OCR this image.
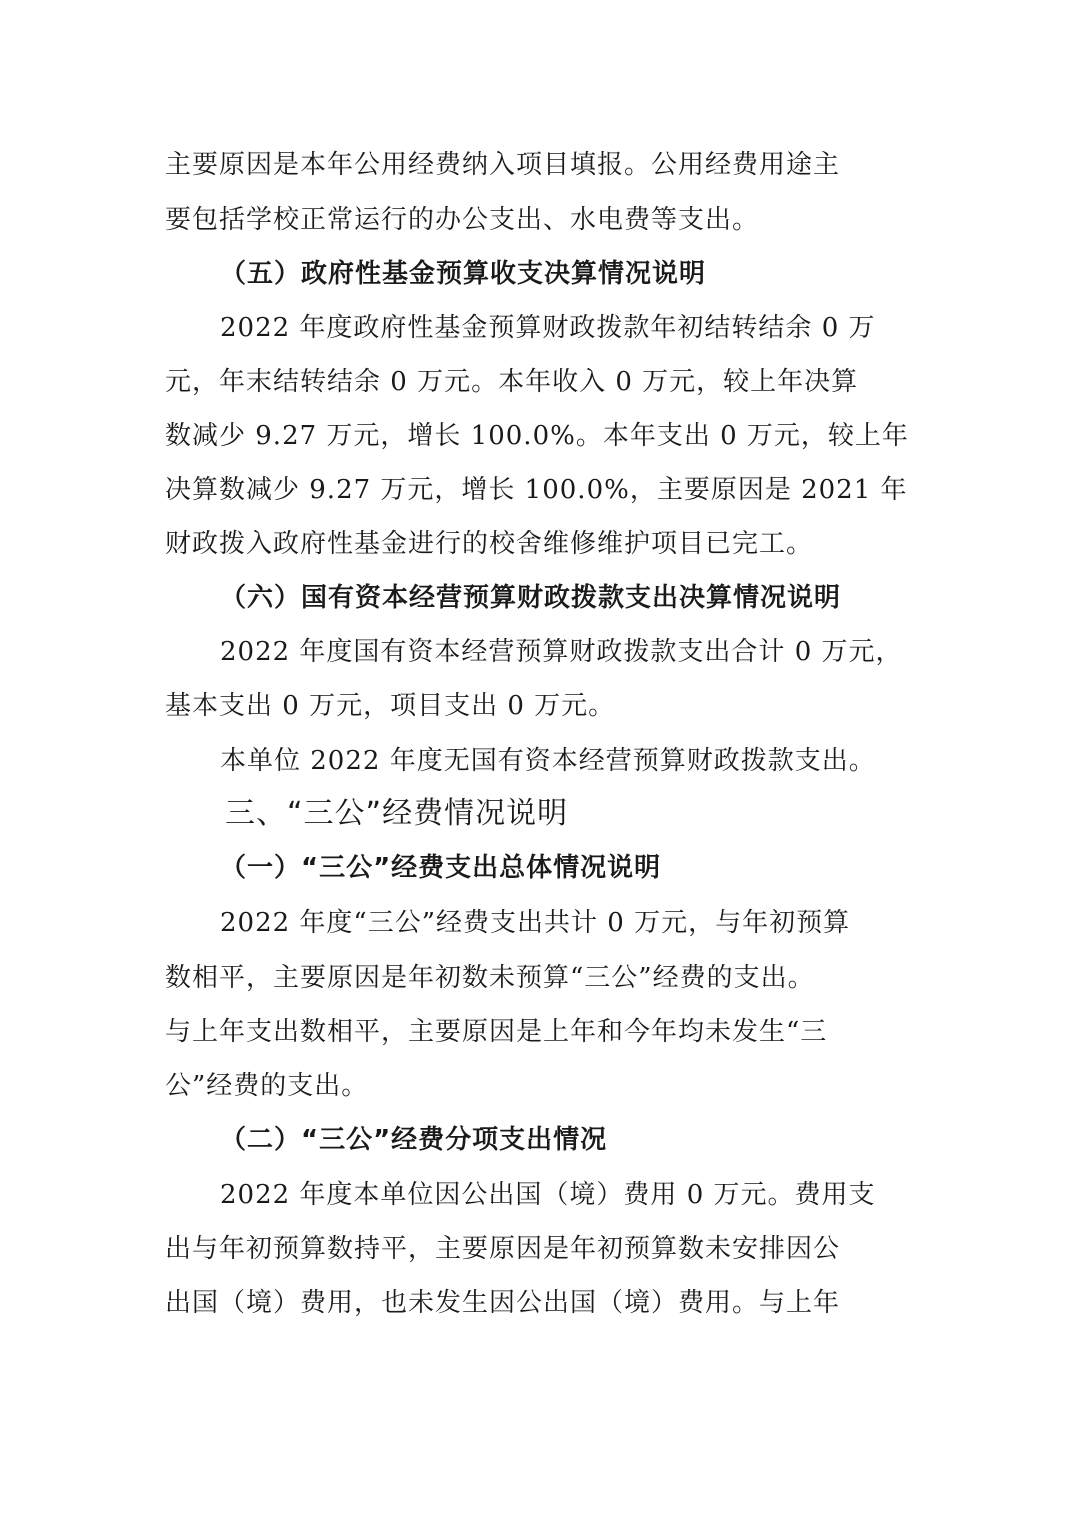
主要原因是本年公用经费纳入项目填报。公用经费用途主
要包括学校正常运行的办公支出、水电费等支出。
（五）政府性基金预算收支决算情况说明
2022 年度政府性基金预算财政拨款年初结转结余 0 万
元，年末结转结余 0 万元。本年收入 0 万元，较上年决算
数减少 9.27 万元，增长 100.0%。本年支出 0 万元，较上年
决算数减少 9.27 万元，增长 100.0%，主要原因是 2021 年
财政拨入政府性基金进行的校舍维修维护项目已完工。
（六）国有资本经营预算财政拨款支出决算情况说明
2022 年度国有资本经营预算财政拨款支出合计 0 万元，
基本支出 0 万元，项目支出 0 万元。
本单位 2022 年度无国有资本经营预算财政拨款支出。
三、“三公”经费情况说明
（一）“三公”经费支出总体情况说明
2022 年度“三公”经费支出共计 0 万元，与年初预算
数相平，主要原因是年初数未预算“三公”经费的支出。
与上年支出数相平，主要原因是上年和今年均未发生“三
公”经费的支出。
（二）“三公”经费分项支出情况
2022 年度本单位因公出国（境）费用 0 万元。费用支
出与年初预算数持平，主要原因是年初预算数未安排因公
出国（境）费用，也未发生因公出国（境）费用。与上年
